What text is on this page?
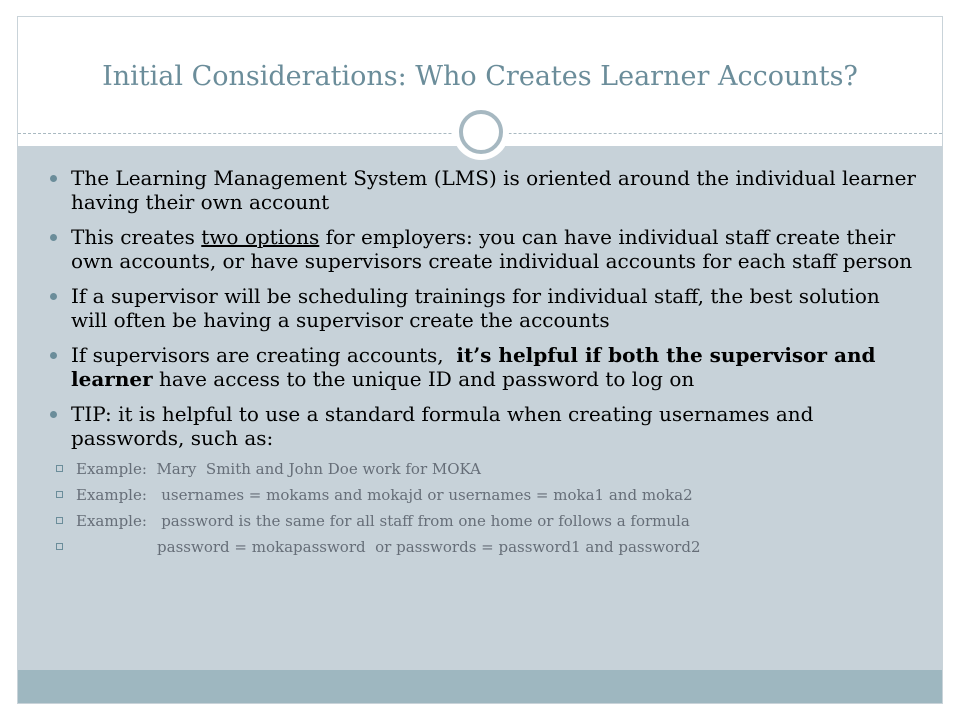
Initial Considerations: Who Creates Learner Accounts?
The Learning Management System (LMS) is oriented around the individual learner having their own account
This creates two options for employers: you can have individual staff create their own accounts, or have supervisors create individual accounts for each staff person
If a supervisor will be scheduling trainings for individual staff, the best solution will often be having a supervisor create the accounts
If supervisors are creating accounts,  it’s helpful if both the supervisor and learner have access to the unique ID and password to log on
TIP: it is helpful to use a standard formula when creating usernames and passwords, such as:
Example:  Mary  Smith and John Doe work for MOKA
Example:   usernames = mokams and mokajd or usernames = moka1 and moka2
Example:   password is the same for all staff from one home or follows a formula
password = mokapassword  or passwords = password1 and password2
